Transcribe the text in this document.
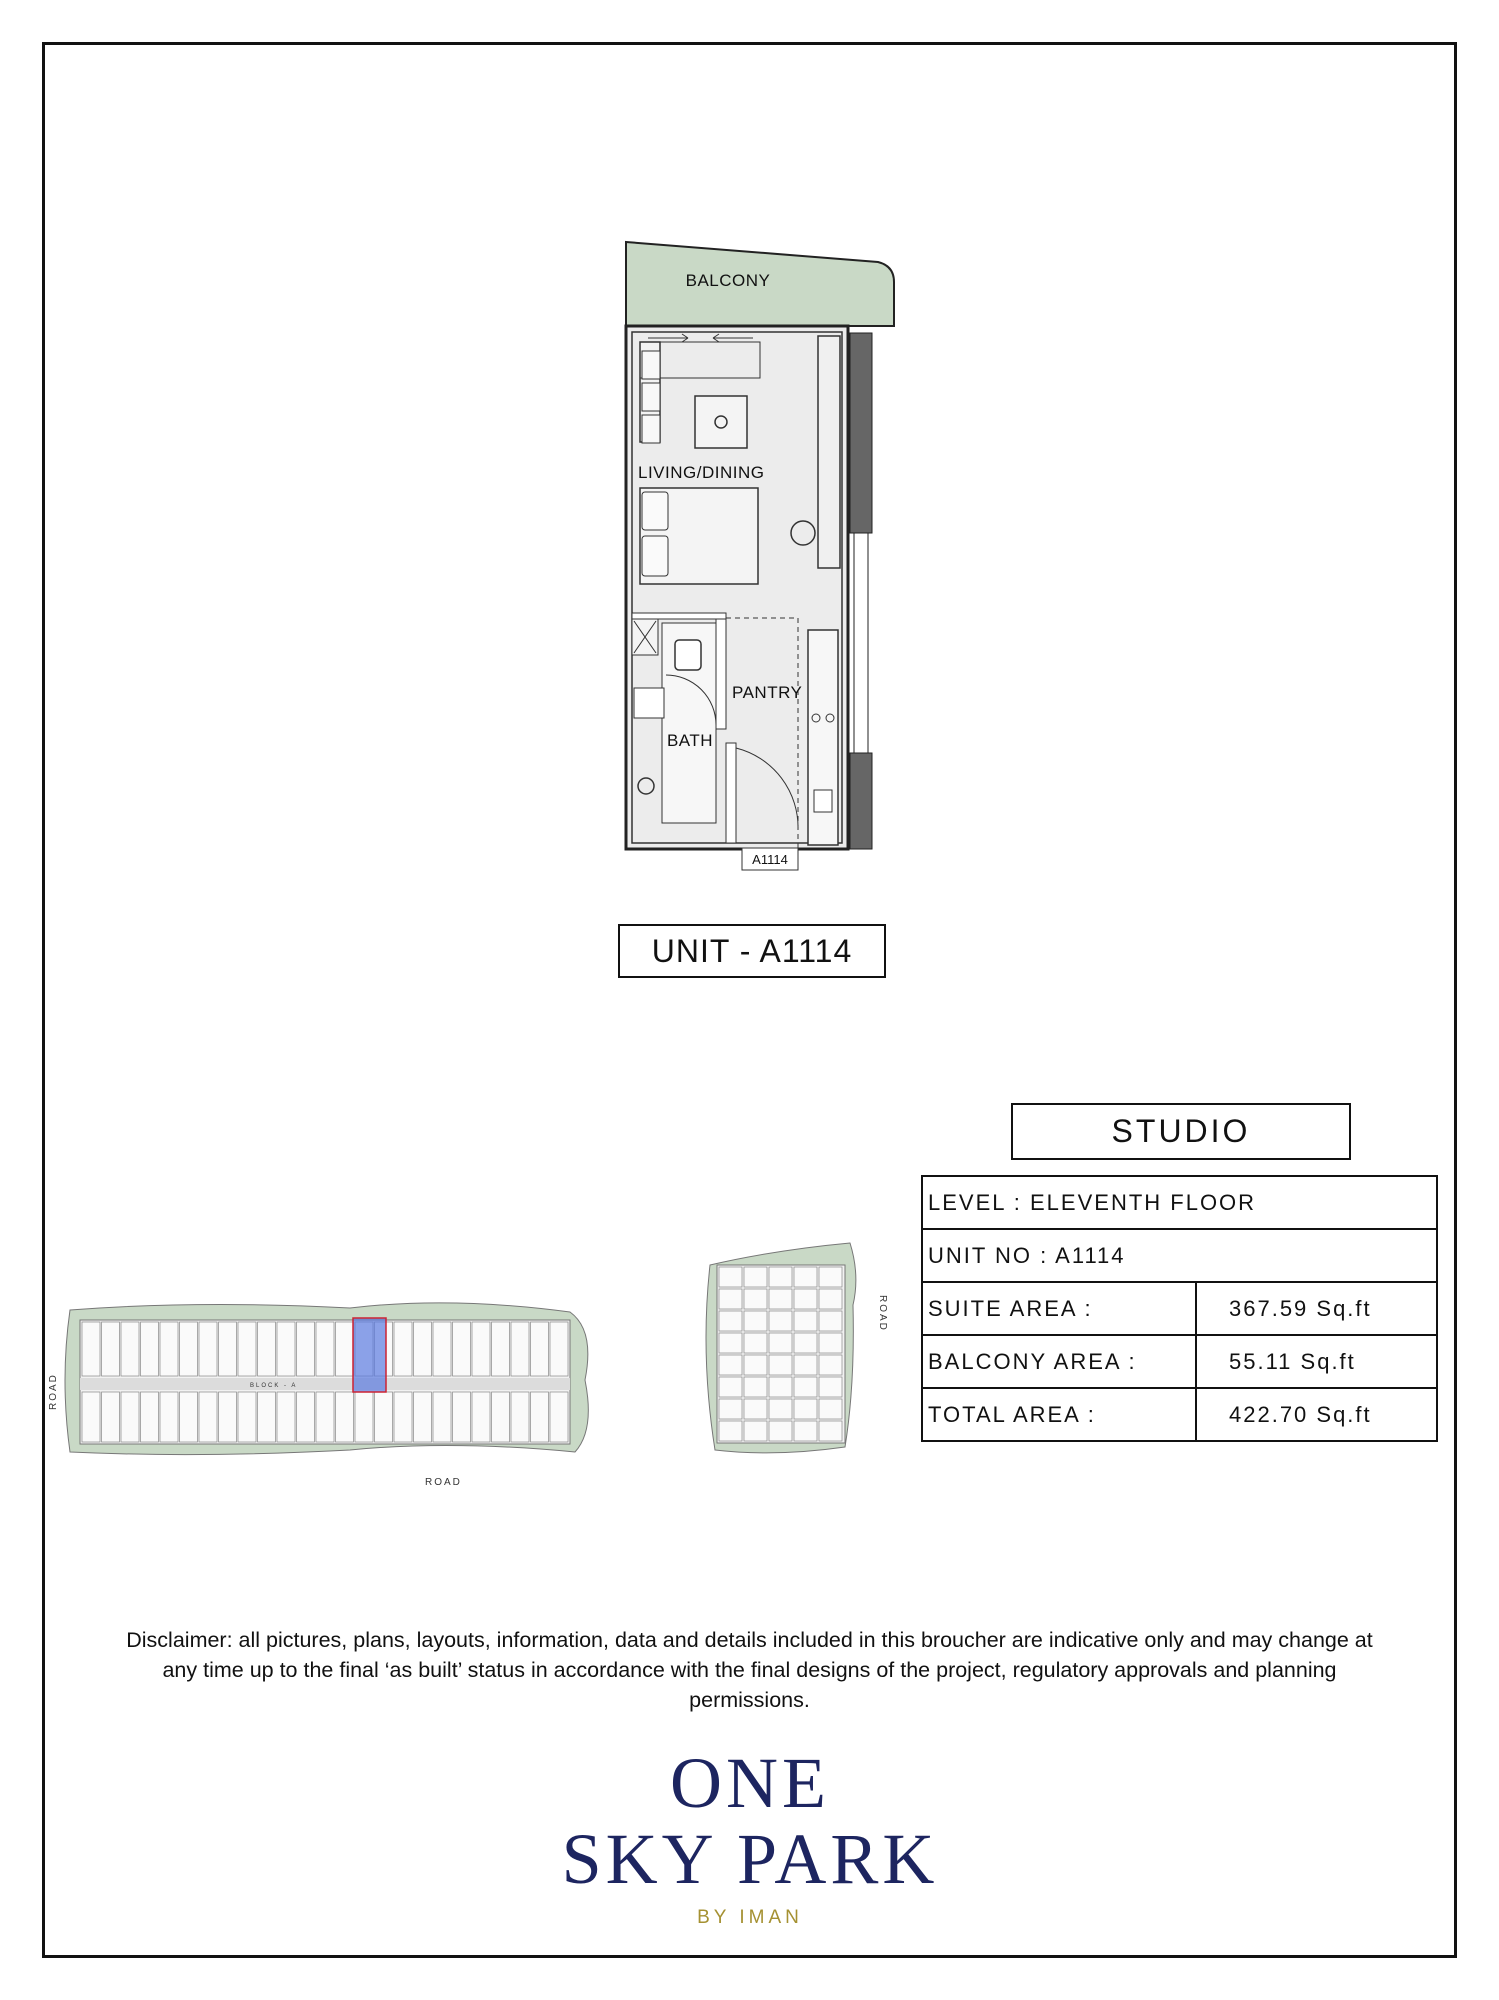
BALCONY
LIVING/DINING
PANTRY
BATH
A1114
UNIT - A1114
STUDIO
LEVEL : ELEVENTH FLOOR	
UNIT NO : A1114	
SUITE AREA :	367.59 Sq.ft
BALCONY AREA :	55.11 Sq.ft
TOTAL AREA :	422.70 Sq.ft
BLOCK - A
ROAD
ROAD
ROAD
Disclaimer: all pictures, plans, layouts, information, data and details included in this broucher are indicative only and may change at any time up to the final ‘as built’ status in accordance with the final designs of the project, regulatory approvals and planning permissions.
ONE
SKY PARK
BY IMAN
